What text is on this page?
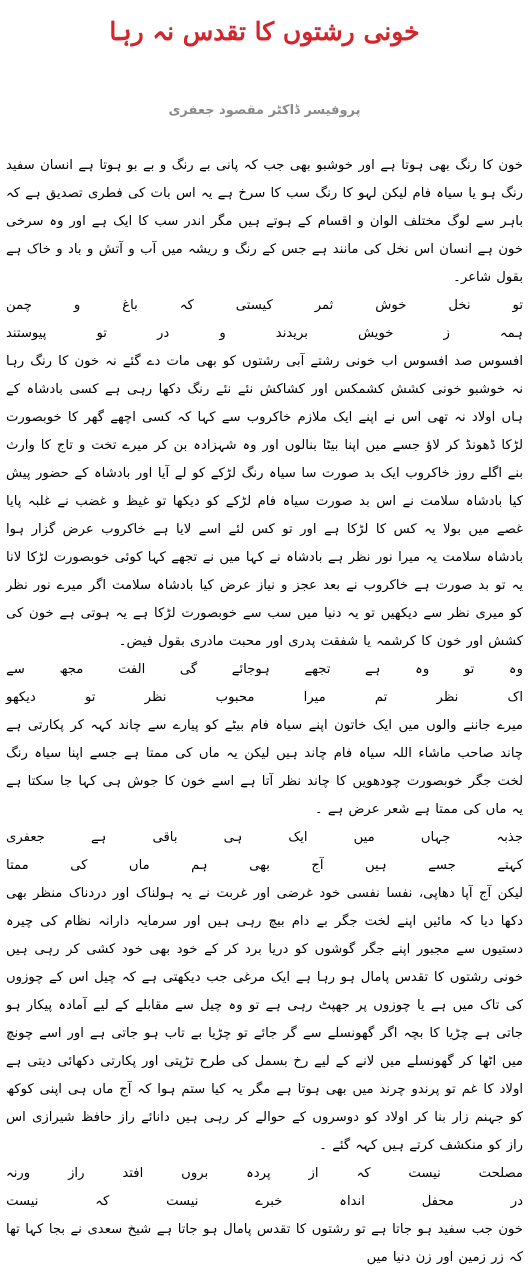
خونی رشتوں کا تقدس نہ رہا
پروفیسر ڈاکٹر مقصود جعفری

خون کا رنگ بھی ہوتا ہے اور خوشبو بھی جب کہ پانی بے رنگ و بے بو ہوتا ہے انسان سفید رنگ ہو یا سیاہ فام لیکن لہو کا رنگ سب کا سرخ ہے یہ اس بات کی فطری تصدیق ہے کہ باہر سے لوگ مختلف الوان و اقسام کے ہوتے ہیں مگر اندر سب کا ایک ہے اور وہ سرخی خون ہے انسان اس نخل کی مانند ہے جس کے رنگ و ریشہ میں آب و آتش و باد و خاک ہے بقول شاعر۔

تو
نخل
خوش
ثمر
کیستی
کہ
باغ
و
چمن
ہمہ
ز
خویش
بریدند
و
در
تو
پیوستند

افسوس صد افسوس اب خونی رشتے آبی رشتوں کو بھی مات دے گئے نہ خون کا رنگ رہا نہ خوشبو خونی کشش کشمکس اور کشاکش نئے نئے رنگ دکھا رہی ہے کسی بادشاہ کے ہاں اولاد نہ تھی اس نے اپنے ایک ملازم خاکروب سے کہا کہ کسی اچھے گھر کا خوبصورت لڑکا ڈھونڈ کر لاؤ جسے میں اپنا بیٹا بنالوں اور وہ شہزادہ بن کر میرے تخت و تاج کا وارث بنے اگلے روز خاکروب ایک بد صورت سا سیاہ رنگ لڑکے کو لے آیا اور بادشاہ کے حضور پیش کیا بادشاہ سلامت نے اس بد صورت سیاہ فام لڑکے کو دیکھا تو غیظ و غضب نے غلبہ پایا غصے میں بولا یہ کس کا لڑکا ہے اور تو کس لئے اسے لایا ہے خاکروب عرض گزار ہوا بادشاہ سلامت یہ میرا نور نظر ہے بادشاہ نے کہا میں نے تجھے کہا کوئی خوبصورت لڑکا لانا یہ تو بد صورت ہے خاکروب نے بعد عجز و نیاز عرض کیا بادشاہ سلامت اگر میرے نور نظر کو میری نظر سے دیکھیں تو یہ دنیا میں سب سے خوبصورت لڑکا ہے یہ ہوتی ہے خون کی کشش اور خون کا کرشمہ یا شفقت پدری اور محبت مادری بقول فیض۔

وہ
تو
وہ
ہے
تجھے
ہوجائے
گی
الفت
مجھ
سے
اک
نظر
تم
میرا
محبوب
نظر
تو
دیکھو

میرے جاننے والوں میں ایک خاتون اپنے سیاہ فام بیٹے کو پیارے سے چاند کہہ کر پکارتی ہے چاند صاحب ماشاء اللہ سیاہ فام چاند ہیں لیکن یہ ماں کی ممتا ہے جسے اپنا سیاہ رنگ لخت جگر خوبصورت چودھویں کا چاند نظر آتا ہے اسے خون کا جوش ہی کہا جا سکتا ہے یہ ماں کی ممتا ہے شعر عرض ہے ۔

جذبہ
جہاں
میں
ایک
ہی
باقی
ہے
جعفری
کہتے
جسے
ہیں
آج
بھی
ہم
ماں
کی
ممتا

لیکن آج آپا دھاپی، نفسا نفسی خود غرضی اور غربت نے یہ ہولناک اور دردناک منظر بھی دکھا دیا کہ مائیں اپنے لخت جگر بے دام بیچ رہی ہیں اور سرمایہ دارانہ نظام کی چیرہ دستیوں سے مجبور اپنے جگر گوشوں کو دریا برد کر کے خود بھی خود کشی کر رہی ہیں خونی رشتوں کا تقدس پامال ہو رہا ہے ایک مرغی جب دیکھتی ہے کہ چیل اس کے چوزوں کی تاک میں ہے یا چوزوں پر جھپٹ رہی ہے تو وہ چیل سے مقابلے کے لیے آمادہ پیکار ہو جاتی ہے چڑیا کا بچہ اگر گھونسلے سے گر جائے تو چڑیا بے تاب ہو جاتی ہے اور اسے چونچ میں اٹھا کر گھونسلے میں لانے کے لیے رخ بسمل کی طرح تڑپتی اور پکارتی دکھائی دیتی ہے اولاد کا غم تو پرندو چرند میں بھی ہوتا ہے مگر یہ کیا ستم ہوا کہ آج ماں ہی اپنی کوکھ کو جہنم زار بنا کر اولاد کو دوسروں کے حوالے کر رہی ہیں دانائے راز حافظ شیرازی اس راز کو منکشف کرتے ہیں کہہ گئے ۔

مصلحت
نیست
کہ
از
پردہ
بروں
افتد
راز
ورنہ
در
محفل
انداہ
خبرے
نیست
کہ
نیست

خون جب سفید ہو جاتا ہے تو رشتوں کا تقدس پامال ہو جاتا ہے شیخ سعدی نے بجا کہا تھا کہ زر زمین اور زن دنیا میں
